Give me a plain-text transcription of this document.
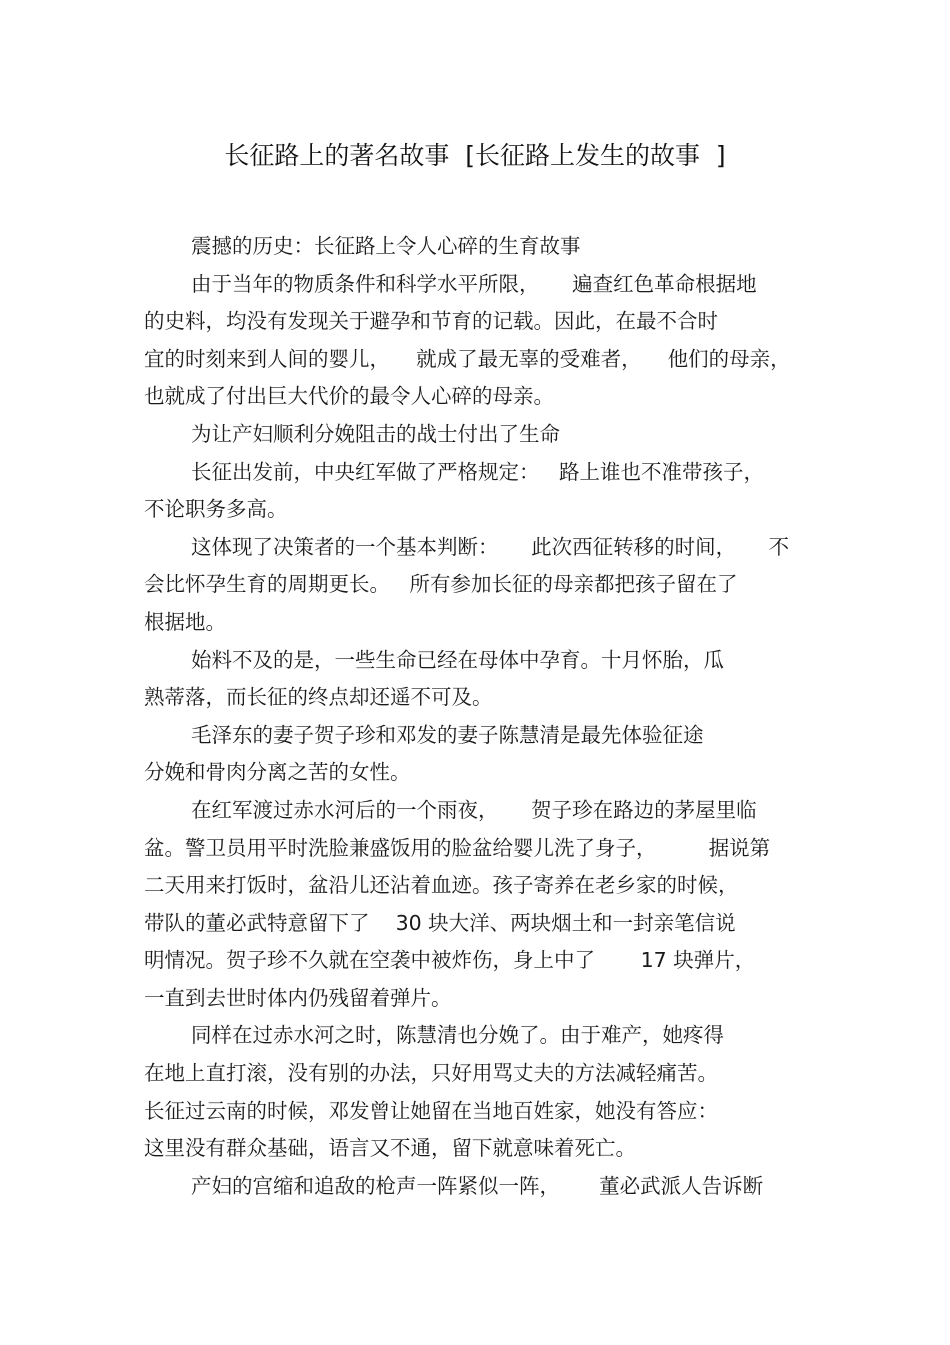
长征路上的著名故事  [长征路上发生的故事  ]
震撼的历史：长征路上令人心碎的生育故事
由于当年的物质条件和科学水平所限，     遍查红色革命根据地
的史料，均没有发现关于避孕和节育的记载。因此，在最不合时
宜的时刻来到人间的婴儿，    就成了最无辜的受难者，    他们的母亲，
也就成了付出巨大代价的最令人心碎的母亲。
为让产妇顺利分娩阻击的战士付出了生命
长征出发前，中央红军做了严格规定：   路上谁也不准带孩子，
不论职务多高。
这体现了决策者的一个基本判断：     此次西征转移的时间，     不
会比怀孕生育的周期更长。   所有参加长征的母亲都把孩子留在了
根据地。
始料不及的是，一些生命已经在母体中孕育。十月怀胎，瓜
熟蒂落，而长征的终点却还遥不可及。
毛泽东的妻子贺子珍和邓发的妻子陈慧清是最先体验征途
分娩和骨肉分离之苦的女性。
在红军渡过赤水河后的一个雨夜，     贺子珍在路边的茅屋里临
盆。警卫员用平时洗脸兼盛饭用的脸盆给婴儿洗了身子，        据说第
二天用来打饭时，盆沿儿还沾着血迹。孩子寄养在老乡家的时候，
带队的董必武特意留下了    30 块大洋、两块烟土和一封亲笔信说
明情况。贺子珍不久就在空袭中被炸伤，身上中了       17 块弹片，
一直到去世时体内仍残留着弹片。
同样在过赤水河之时，陈慧清也分娩了。由于难产，她疼得
在地上直打滚，没有别的办法，只好用骂丈夫的方法减轻痛苦。
长征过云南的时候，邓发曾让她留在当地百姓家，她没有答应：
这里没有群众基础，语言又不通，留下就意味着死亡。
产妇的宫缩和追敌的枪声一阵紧似一阵，      董必武派人告诉断
